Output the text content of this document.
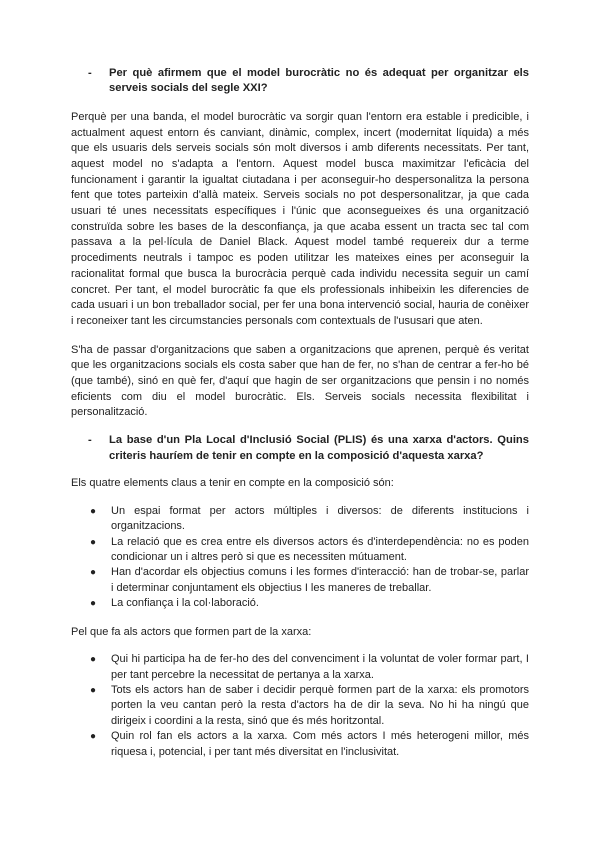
-	Per què afirmem que el model burocràtic no és adequat per organitzar els serveis socials del segle XXI?

Perquè per una banda, el model burocràtic va sorgir quan l'entorn era estable i predicible, i actualment aquest entorn és canviant, dinàmic, complex, incert (modernitat líquida) a més que els usuaris dels serveis socials són molt diversos i amb diferents necessitats. Per tant, aquest model no s'adapta a l'entorn. Aquest model busca maximitzar l'eficàcia del funcionament i garantir la igualtat ciutadana i per aconseguir-ho despersonalitza la persona fent que totes parteixin d'allà mateix. Serveis socials no pot despersonalitzar, ja que cada usuari té unes necessitats específiques i l'únic que aconsegueixes és una organització construïda sobre les bases de la desconfiança, ja que acaba essent un tracta sec tal com passava a la pel·lícula de Daniel Black. Aquest model també requereix dur a terme procediments neutrals i tampoc es poden utilitzar les mateixes eines per aconseguir la racionalitat formal que busca la burocràcia perquè cada individu necessita seguir un camí concret. Per tant, el model burocràtic fa que els professionals inhibeixin les diferencies de cada usuari i un bon treballador social, per fer una bona intervenció social, hauria de conèixer i reconeixer tant les circumstancies personals com contextuals de l'ususari que aten.

S'ha de passar d'organitzacions que saben a organitzacions que aprenen, perquè és veritat que les organitzacions socials els costa saber que han de fer, no s'han de centrar a fer-ho bé (que també), sinó en què fer, d'aquí que hagin de ser organitzacions que pensin i no només eficients com diu el model burocràtic. Els. Serveis socials necessita flexibilitat i personalització.

-	La base d'un Pla Local d'Inclusió Social (PLIS) és una xarxa d'actors. Quins criteris hauríem de tenir en compte en la composició d'aquesta xarxa?

Els quatre elements claus a tenir en compte en la composició són:

●	Un espai format per actors múltiples i diversos: de diferents institucions i organitzacions.
●	La relació que es crea entre els diversos actors és d'interdependència: no es poden condicionar un i altres però si que es necessiten mútuament.
●	Han d'acordar els objectius comuns i les formes d'interacció: han de trobar-se, parlar i determinar conjuntament els objectius I les maneres de treballar.
●	La confiança i la col·laboració.

Pel que fa als actors que formen part de la xarxa:

●	Qui hi participa ha de fer-ho des del convenciment i la voluntat de voler formar part, I per tant percebre la necessitat de pertanya a la xarxa.
●	Tots els actors han de saber i decidir perquè formen part de la xarxa: els promotors porten la veu cantan però la resta d'actors ha de dir la seva. No hi ha ningú que dirigeix i coordini a la resta, sinó que és més horitzontal.
●	Quin rol fan els actors a la xarxa. Com més actors I més heterogeni millor, més riquesa i, potencial, i per tant més diversitat en l'inclusivitat.
